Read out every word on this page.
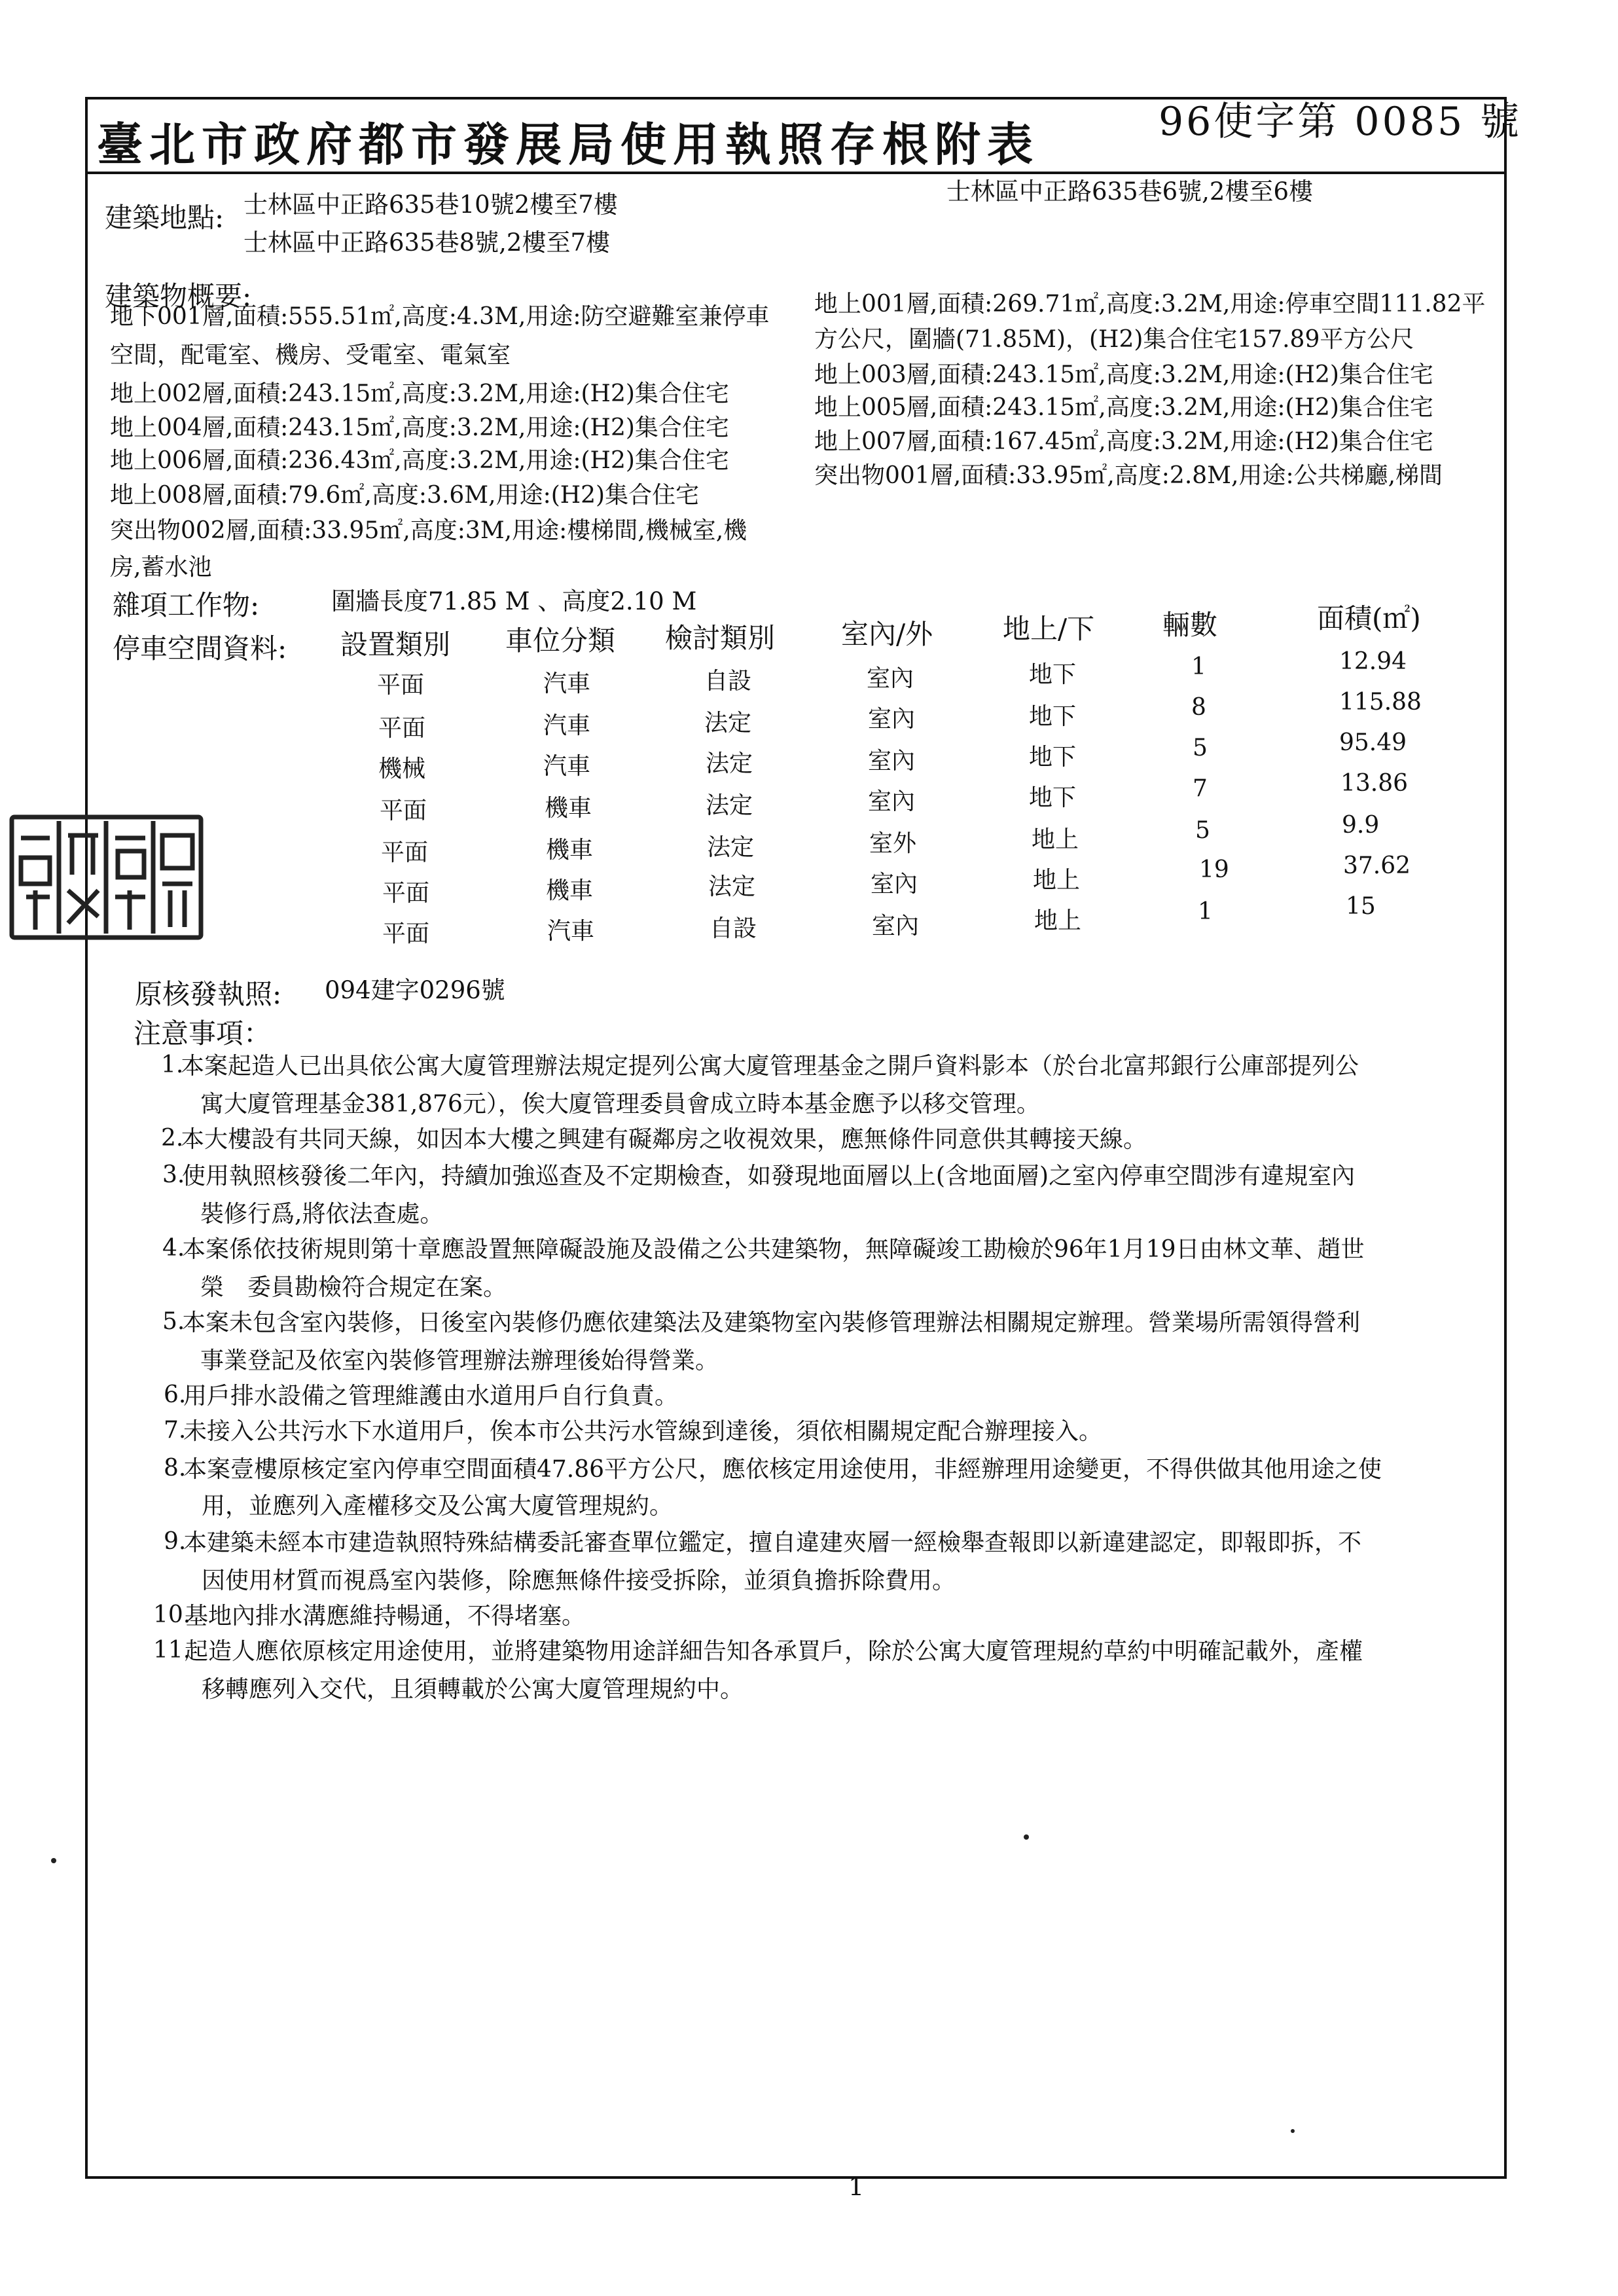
臺北市政府都市發展局使用執照存根附表	96使字第 0085 號
建築地點: 士林區中正路635巷10號2樓至7樓
士林區中正路635巷8號,2樓至7樓
士林區中正路635巷6號,2樓至6樓
建築物概要:
地下001層,面積:555.51㎡,高度:4.3M,用途:防空避難室兼停車
空間，配電室、機房、受電室、電氣室
地上002層,面積:243.15㎡,高度:3.2M,用途:(H2)集合住宅
地上004層,面積:243.15㎡,高度:3.2M,用途:(H2)集合住宅
地上006層,面積:236.43㎡,高度:3.2M,用途:(H2)集合住宅
地上008層,面積:79.6㎡,高度:3.6M,用途:(H2)集合住宅
突出物002層,面積:33.95㎡,高度:3M,用途:樓梯間,機械室,機
房,蓄水池
地上001層,面積:269.71㎡,高度:3.2M,用途:停車空間111.82平
方公尺，圍牆(71.85M)，(H2)集合住宅157.89平方公尺
地上003層,面積:243.15㎡,高度:3.2M,用途:(H2)集合住宅
地上005層,面積:243.15㎡,高度:3.2M,用途:(H2)集合住宅
地上007層,面積:167.45㎡,高度:3.2M,用途:(H2)集合住宅
突出物001層,面積:33.95㎡,高度:2.8M,用途:公共梯廳,梯間
雜項工作物:	圍牆長度71.85 M 、高度2.10 M
停車空間資料: 設置類別 車位分類 檢討類別 室內/外	地上/下 輛數	面積(㎡)
平面	汽車	自設	室內	地下	1	12.94
平面	汽車	法定	室內	地下	8	115.88
機械	汽車	法定	室內	地下	5	95.49
平面	機車	法定	室內	地下	7	13.86
平面	機車	法定	室外	地上	5	9.9
平面	機車	法定	室內	地上	19	37.62
平面	汽車	自設	室內	地上	1	15
原核發執照: 094建字0296號
注意事項：
1.
本案起造人已出具依公寓大廈管理辦法規定提列公寓大廈管理基金之開戶資料影本（於台北富邦銀行公庫部提列公
寓大廈管理基金381,876元），俟大廈管理委員會成立時本基金應予以移交管理。
2.
本大樓設有共同天線，如因本大樓之興建有礙鄰房之收視效果，應無條件同意供其轉接天線。
3.
使用執照核發後二年內，持續加強巡查及不定期檢查，如發現地面層以上(含地面層)之室內停車空間涉有違規室內
裝修行爲,將依法查處。
4.
本案係依技術規則第十章應設置無障礙設施及設備之公共建築物，無障礙竣工勘檢於96年1月19日由林文華、趙世
榮　委員勘檢符合規定在案。
5.
本案未包含室內裝修，日後室內裝修仍應依建築法及建築物室內裝修管理辦法相關規定辦理。營業場所需領得營利
事業登記及依室內裝修管理辦法辦理後始得營業。
6.
用戶排水設備之管理維護由水道用戶自行負責。
7.
未接入公共污水下水道用戶，俟本市公共污水管線到達後，須依相關規定配合辦理接入。
8.
本案壹樓原核定室內停車空間面積47.86平方公尺，應依核定用途使用，非經辦理用途變更，不得供做其他用途之使
用，並應列入產權移交及公寓大廈管理規約。
9.
本建築未經本市建造執照特殊結構委託審查單位鑑定，擅自違建夾層一經檢舉查報即以新違建認定，即報即拆，不
因使用材質而視爲室內裝修，除應無條件接受拆除，並須負擔拆除費用。
10.
基地內排水溝應維持暢通，不得堵塞。
11.
起造人應依原核定用途使用，並將建築物用途詳細告知各承買戶，除於公寓大廈管理規約草約中明確記載外，產權
移轉應列入交代，且須轉載於公寓大廈管理規約中。
1
